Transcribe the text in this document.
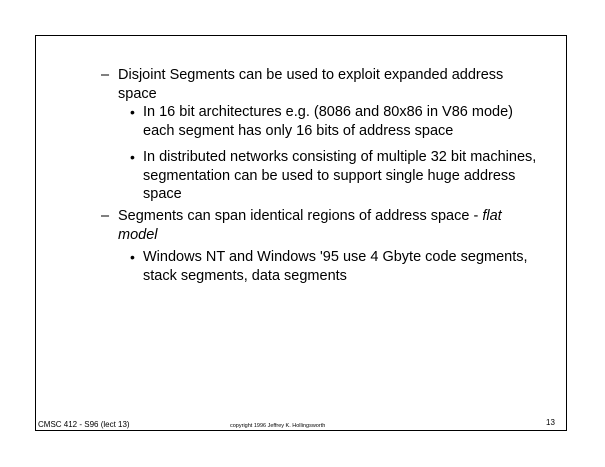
– Disjoint Segments can be used to exploit expanded address space
• In 16 bit architectures e.g. (8086 and 80x86 in V86 mode) each segment has only 16 bits of address space
• In distributed networks consisting of multiple 32 bit machines, segmentation can be used to support single huge address space
– Segments can span identical regions of address space - flat model
• Windows NT and Windows '95 use 4 Gbyte code segments, stack segments, data segments
CMSC 412 - S96 (lect 13)	copyright 1996 Jeffrey K. Hollingsworth	13
